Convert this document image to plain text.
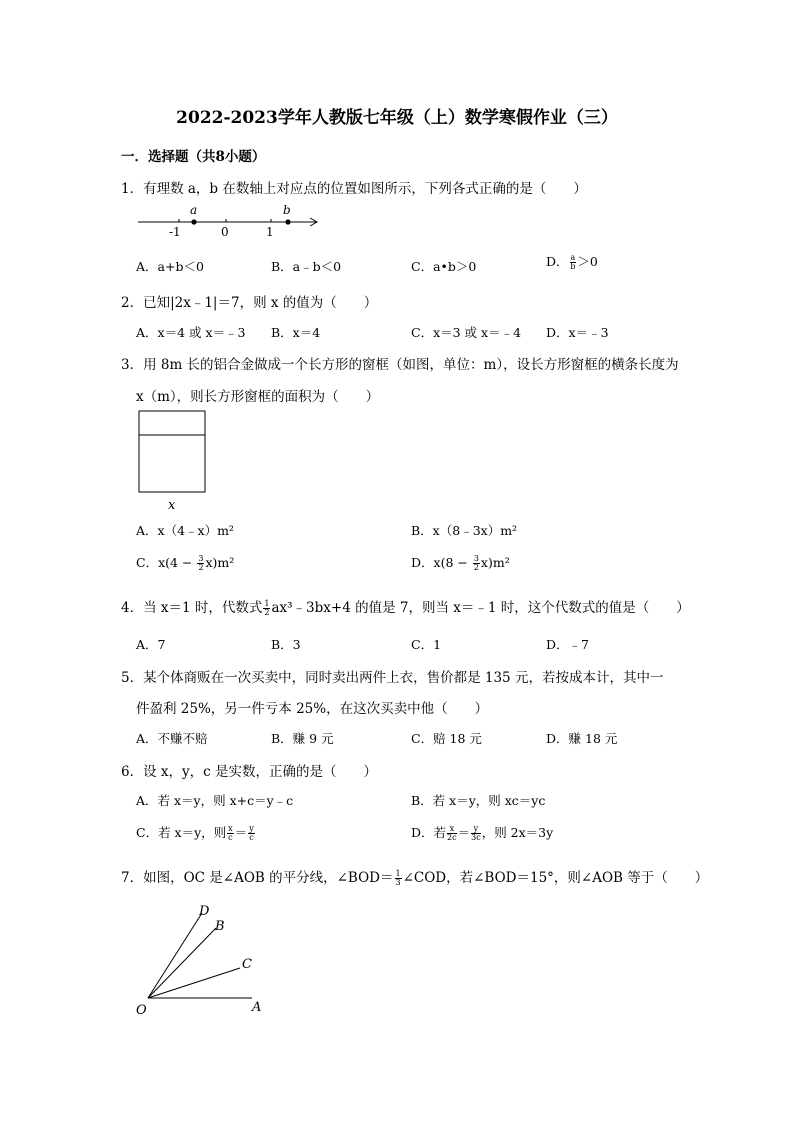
2022-2023学年人教版七年级（上）数学寒假作业（三）
一．选择题（共8小题）
1．有理数 a，b 在数轴上对应点的位置如图所示，下列各式正确的是（　　）
a	b
-1	0	1
A．a+b＜0	B．a﹣b＜0	C．a•b＞0	D． $\frac{a}{b} >0$
2．已知|2x﹣1|＝7，则 x 的值为（　　）
A．x＝4 或 x＝﹣3 B．x＝4	C．x＝3 或 x＝﹣4 D．x＝﹣3
3．用 8m 长的铝合金做成一个长方形的窗框（如图，单位：m），设长方形窗框的横条长度为
x（m），则长方形窗框的面积为（　　）
x
A．x（4﹣x）m²	B．x（8﹣3x）m²
C．$x(4 - \frac{3}{2} x)m^2$	D．$x(8 - \frac{3}{2} x)m^2$
4．当 x＝1 时，代数式 $\frac{1}{2}$ ax³﹣3bx+4 的值是 7，则当 x＝﹣1 时，这个代数式的值是（　　）
A．7	B．3	C．1	D．﹣7
5．某个体商贩在一次买卖中，同时卖出两件上衣，售价都是 135 元，若按成本计，其中一
件盈利 25%，另一件亏本 25%，在这次买卖中他（　　）
A．不赚不赔	B．赚 9 元	C．赔 18 元	D．赚 18 元
6．设 x，y，c 是实数，正确的是（　　）
A．若 x＝y，则 x+c＝y﹣c	B．若 x＝y，则 xc＝yc
C．若 x＝y，则 $\frac{x}{c} = \frac{y}{c}$	D．若 $\frac{x}{2c} = \frac{y}{3c}$ ，则 2x＝3y
7．如图，OC 是∠AOB 的平分线，∠BOD＝ $\frac{1}{3}$ ∠COD，若∠BOD＝15°，则∠AOB 等于（　　）
D
B
C
O	A
